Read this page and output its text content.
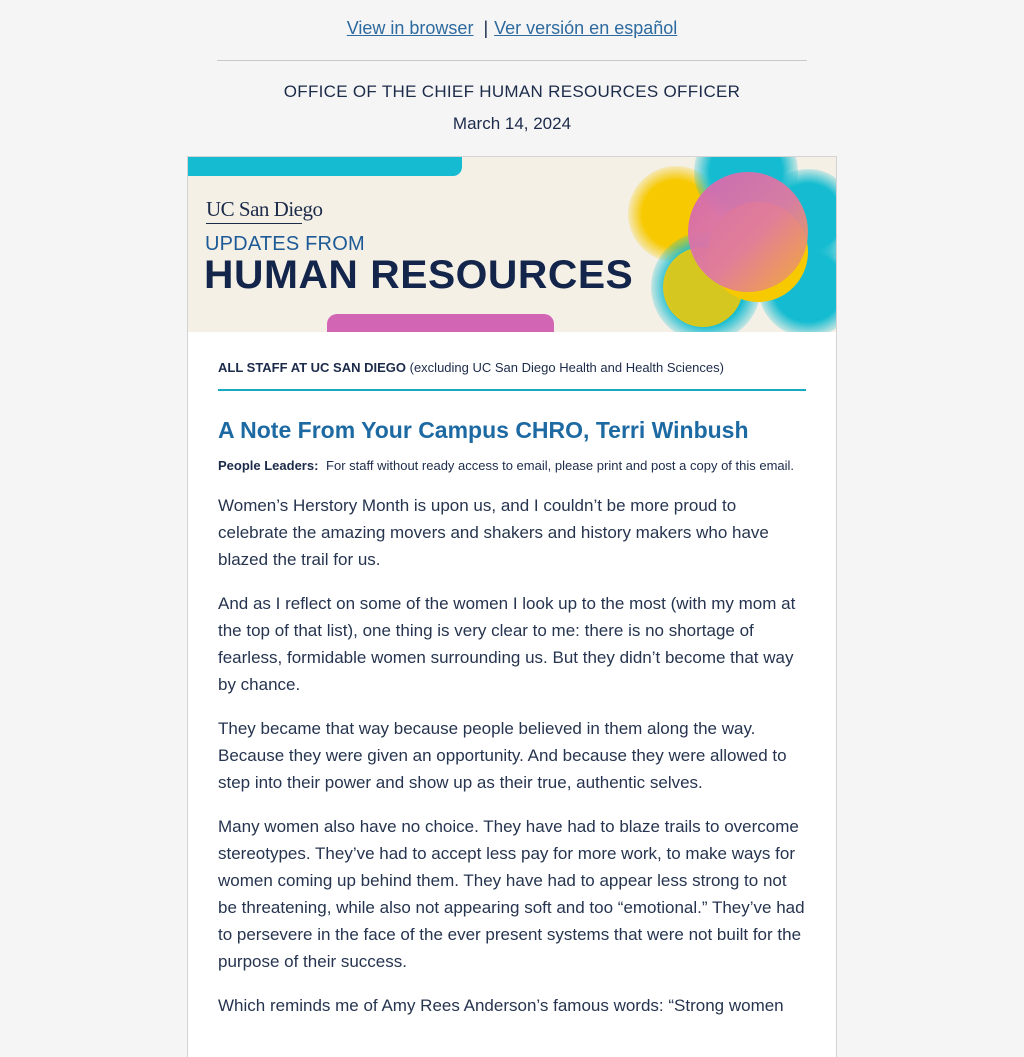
View in browser | Ver versión en español
OFFICE OF THE CHIEF HUMAN RESOURCES OFFICER
March 14, 2024
UC San Diego
UPDATES FROM
HUMAN RESOURCES
ALL STAFF AT UC SAN DIEGO (excluding UC San Diego Health and Health Sciences)
A Note From Your Campus CHRO, Terri Winbush
People Leaders: For staff without ready access to email, please print and post a copy of this email.

Women’s Herstory Month is upon us, and I couldn’t be more proud to celebrate the amazing movers and shakers and history makers who have blazed the trail for us.

And as I reflect on some of the women I look up to the most (with my mom at the top of that list), one thing is very clear to me: there is no shortage of fearless, formidable women surrounding us. But they didn’t become that way by chance.

They became that way because people believed in them along the way. Because they were given an opportunity. And because they were allowed to step into their power and show up as their true, authentic selves.

Many women also have no choice. They have had to blaze trails to overcome stereotypes. They’ve had to accept less pay for more work, to make ways for women coming up behind them. They have had to appear less strong to not be threatening, while also not appearing soft and too “emotional.” They’ve had to persevere in the face of the ever present systems that were not built for the purpose of their success.

Which reminds me of Amy Rees Anderson’s famous words: “Strong women
